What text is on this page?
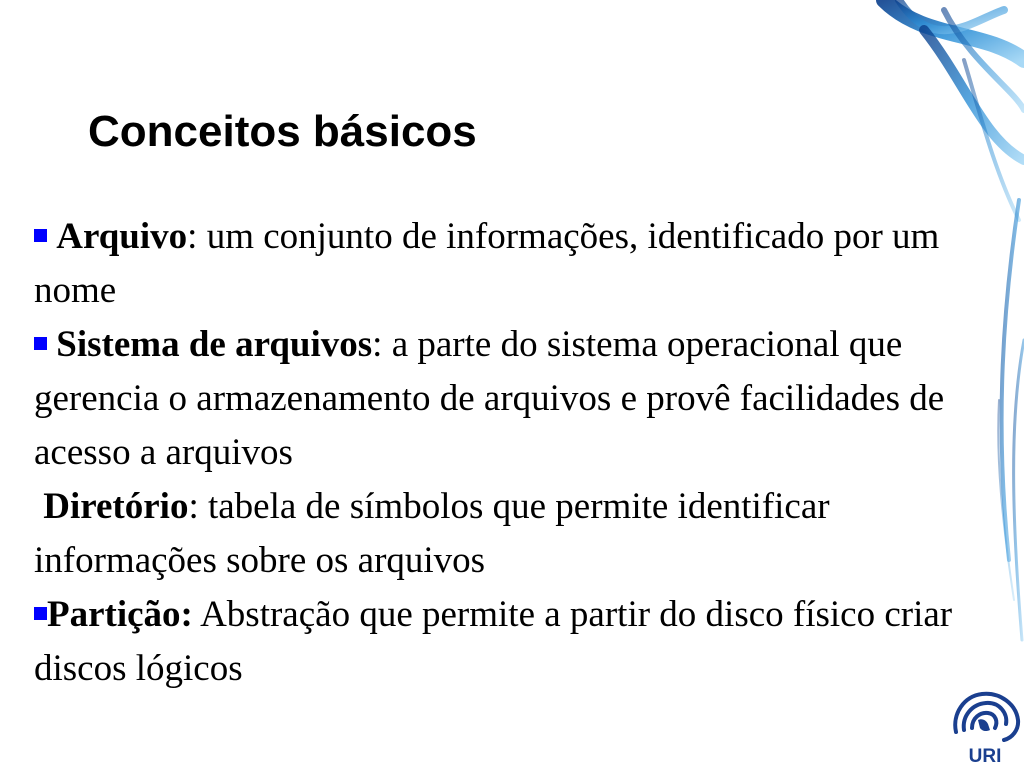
Conceitos básicos

Arquivo: um conjunto de informações, identificado por um nome

Sistema de arquivos: a parte do sistema operacional que gerencia o armazenamento de arquivos e provê facilidades de acesso a arquivos

Diretório: tabela de símbolos que permite identificar informações sobre os arquivos

Partição: Abstração que permite a partir do disco físico criar discos lógicos

URI
